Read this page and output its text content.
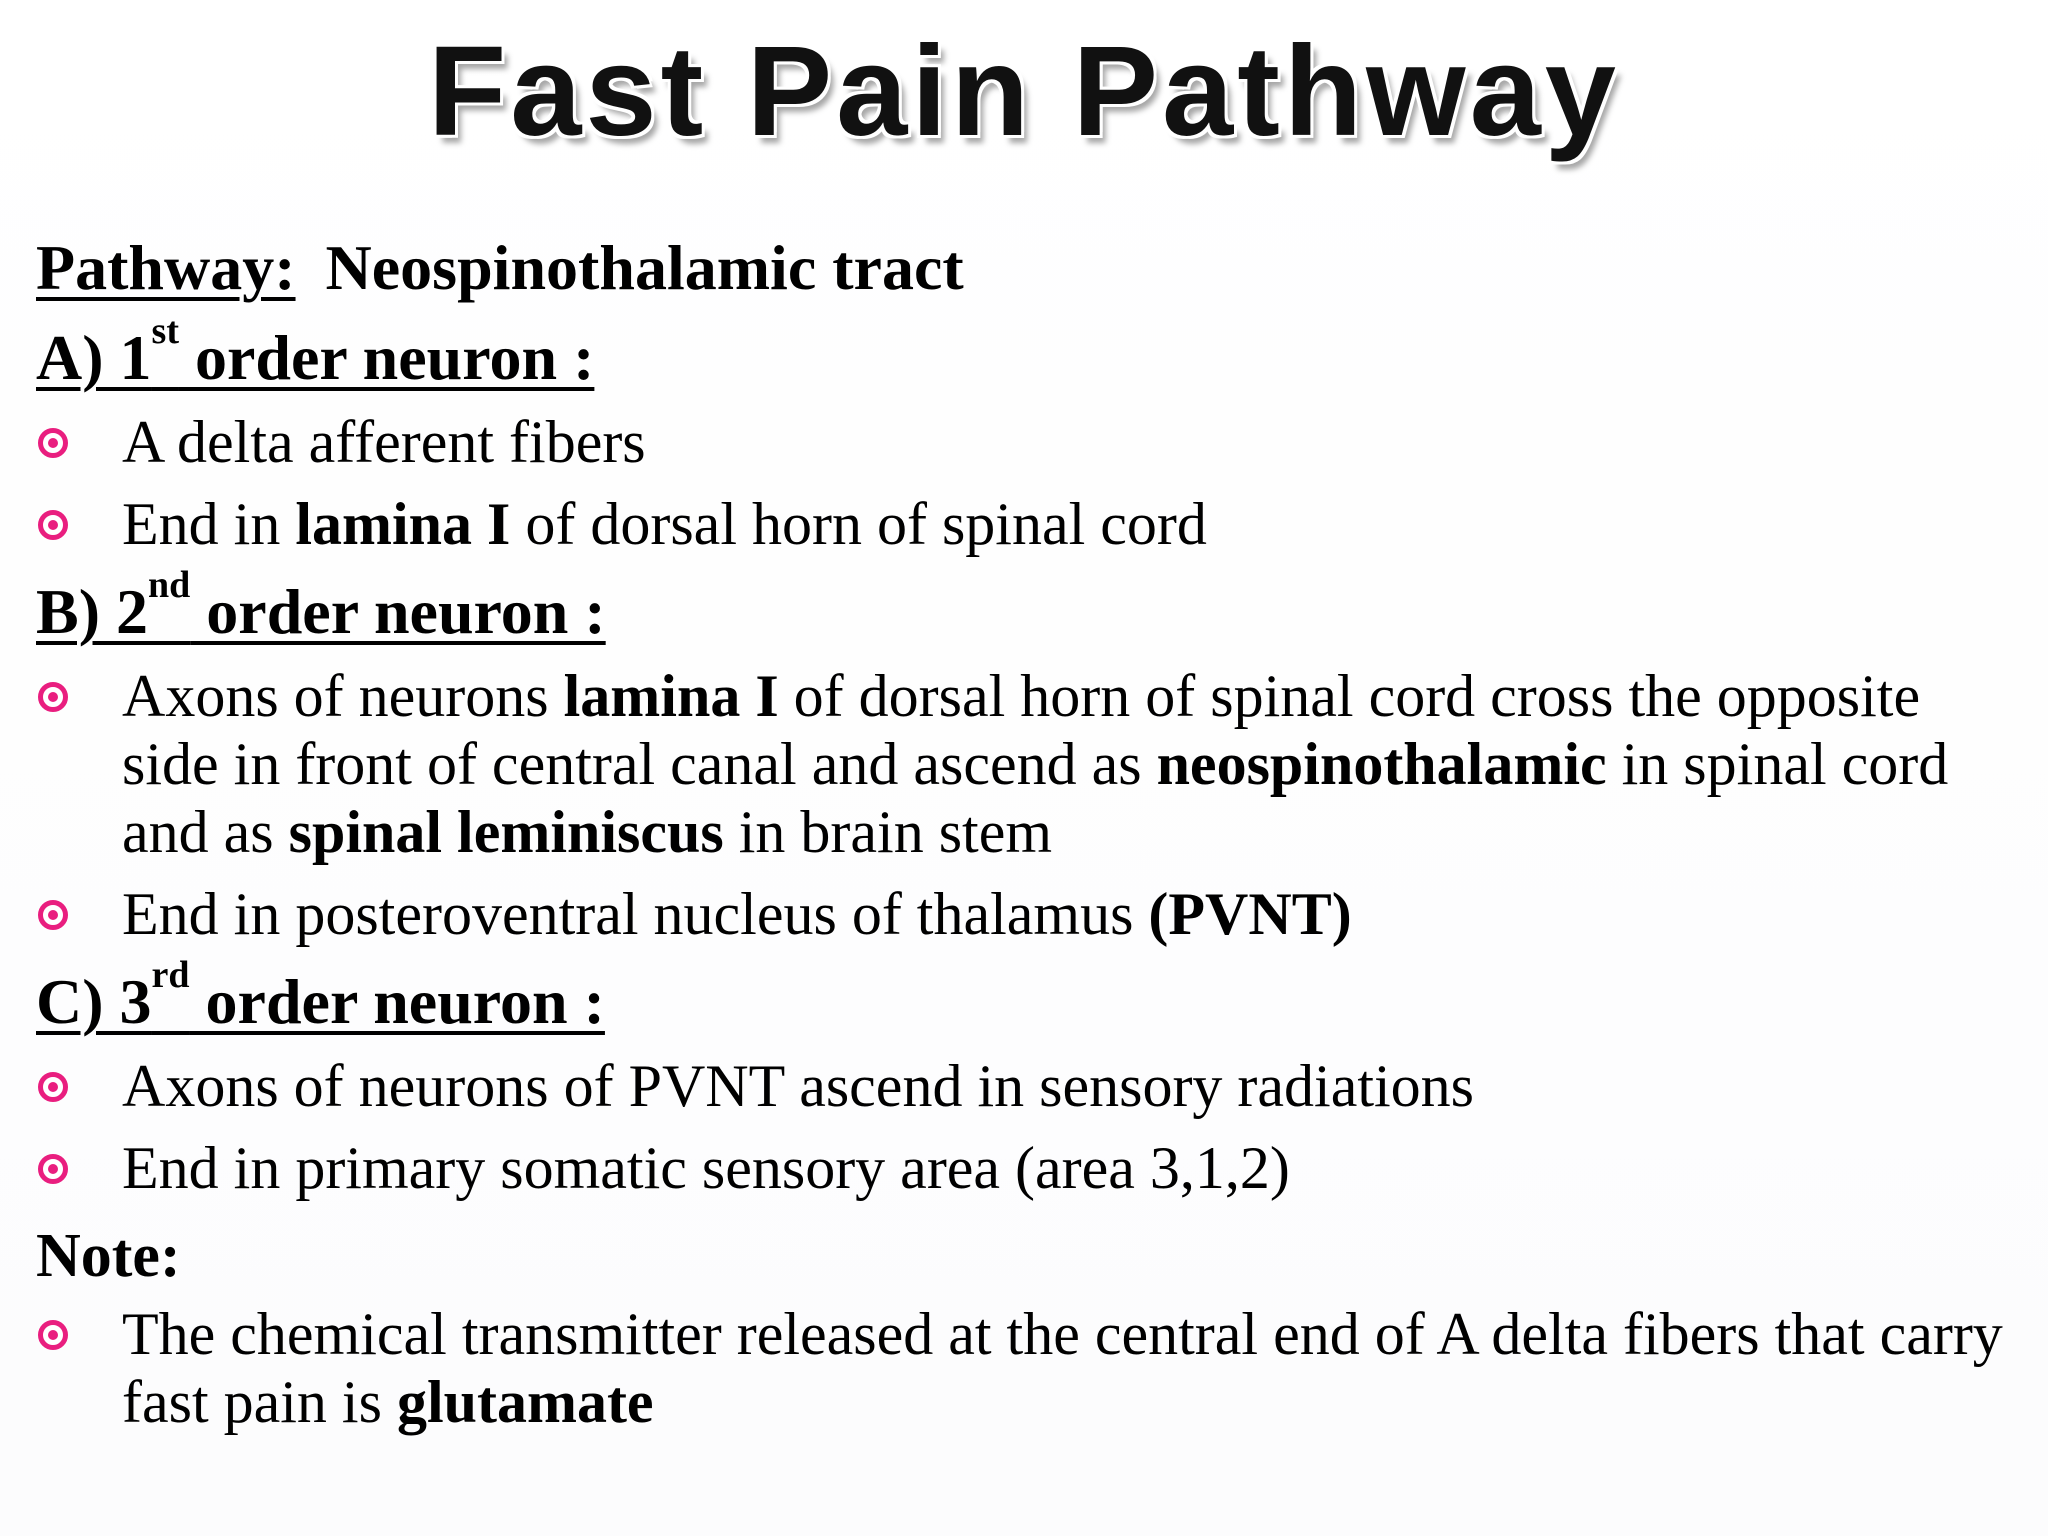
Fast Pain Pathway
Pathway: Neospinothalamic tract
A) 1st order neuron :
A delta afferent fibers
End in lamina I of dorsal horn of spinal cord
B) 2nd order neuron :
Axons of neurons lamina I of dorsal horn of spinal cord cross the opposite side in front of central canal and ascend as neospinothalamic in spinal cord and as spinal leminiscus in brain stem
End in posteroventral nucleus of thalamus (PVNT)
C) 3rd order neuron :
Axons of neurons of PVNT ascend in sensory radiations
End in primary somatic sensory area (area 3,1,2)
Note:
The chemical transmitter released at the central end of A delta fibers that carry fast pain is glutamate
